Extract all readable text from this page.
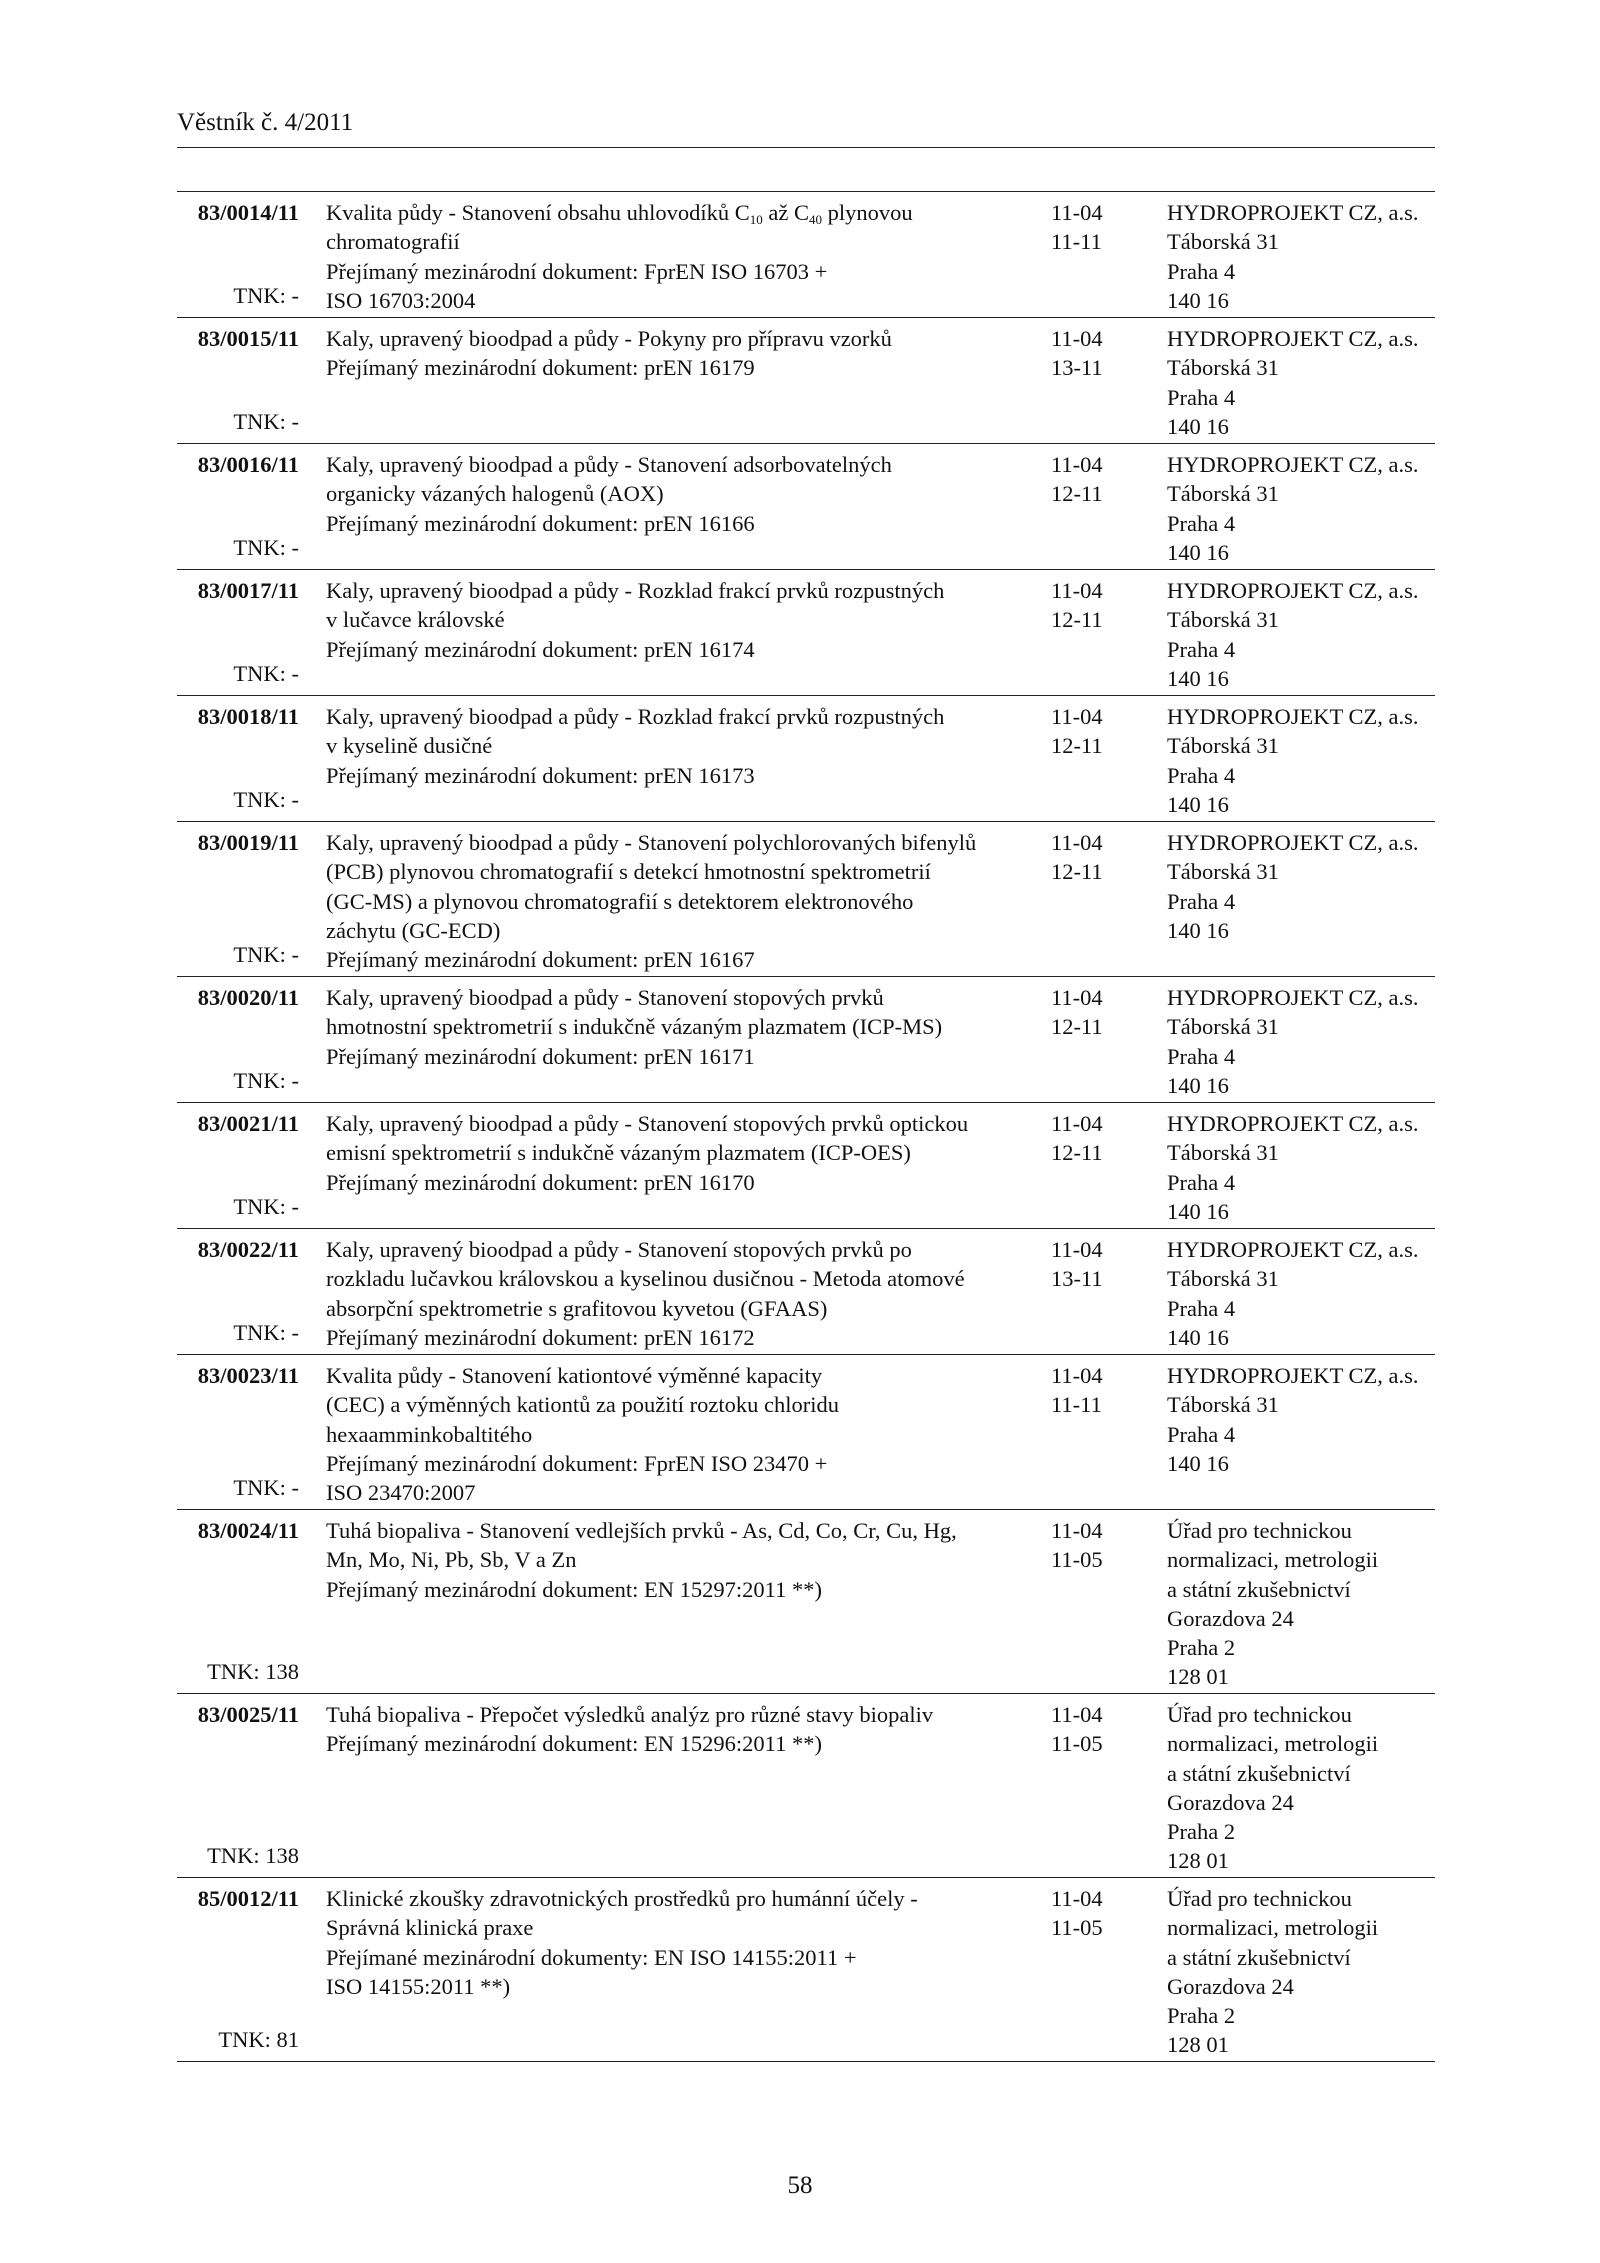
Věstník č. 4/2011
83/0014/11
TNK: -
Kvalita půdy - Stanovení obsahu uhlovodíků $C_{10}$ až $C_{40}$ plynovou
chromatografií
Přejímaný mezinárodní dokument: FprEN ISO 16703 +
ISO 16703:2004
11-04
11-11
HYDROPROJEKT CZ, a.s.
Táborská 31
Praha 4
140 16
83/0015/11
TNK: -
Kaly, upravený bioodpad a půdy - Pokyny pro přípravu vzorků
Přejímaný mezinárodní dokument: prEN 16179
11-04
13-11
HYDROPROJEKT CZ, a.s.
Táborská 31
Praha 4
140 16
83/0016/11
TNK: -
Kaly, upravený bioodpad a půdy - Stanovení adsorbovatelných
organicky vázaných halogenů (AOX)
Přejímaný mezinárodní dokument: prEN 16166
11-04
12-11
HYDROPROJEKT CZ, a.s.
Táborská 31
Praha 4
140 16
83/0017/11
TNK: -
Kaly, upravený bioodpad a půdy - Rozklad frakcí prvků rozpustných
v lučavce královské
Přejímaný mezinárodní dokument: prEN 16174
11-04
12-11
HYDROPROJEKT CZ, a.s.
Táborská 31
Praha 4
140 16
83/0018/11
TNK: -
Kaly, upravený bioodpad a půdy - Rozklad frakcí prvků rozpustných
v kyselině dusičné
Přejímaný mezinárodní dokument: prEN 16173
11-04
12-11
HYDROPROJEKT CZ, a.s.
Táborská 31
Praha 4
140 16
83/0019/11
TNK: -
Kaly, upravený bioodpad a půdy - Stanovení polychlorovaných bifenylů
(PCB) plynovou chromatografií s detekcí hmotnostní spektrometrií
(GC-MS) a plynovou chromatografií s detektorem elektronového
záchytu (GC-ECD)
Přejímaný mezinárodní dokument: prEN 16167
11-04
12-11
HYDROPROJEKT CZ, a.s.
Táborská 31
Praha 4
140 16
83/0020/11
TNK: -
Kaly, upravený bioodpad a půdy - Stanovení stopových prvků
hmotnostní spektrometrií s indukčně vázaným plazmatem (ICP-MS)
Přejímaný mezinárodní dokument: prEN 16171
11-04
12-11
HYDROPROJEKT CZ, a.s.
Táborská 31
Praha 4
140 16
83/0021/11
TNK: -
Kaly, upravený bioodpad a půdy - Stanovení stopových prvků optickou
emisní spektrometrií s indukčně vázaným plazmatem (ICP-OES)
Přejímaný mezinárodní dokument: prEN 16170
11-04
12-11
HYDROPROJEKT CZ, a.s.
Táborská 31
Praha 4
140 16
83/0022/11
TNK: -
Kaly, upravený bioodpad a půdy - Stanovení stopových prvků po
rozkladu lučavkou královskou a kyselinou dusičnou - Metoda atomové
absorpční spektrometrie s grafitovou kyvetou (GFAAS)
Přejímaný mezinárodní dokument: prEN 16172
11-04
13-11
HYDROPROJEKT CZ, a.s.
Táborská 31
Praha 4
140 16
83/0023/11
TNK: -
Kvalita půdy - Stanovení kationtové výměnné kapacity
(CEC) a výměnných kationtů za použití roztoku chloridu
hexaamminkobaltitého
Přejímaný mezinárodní dokument: FprEN ISO 23470 +
ISO 23470:2007
11-04
11-11
HYDROPROJEKT CZ, a.s.
Táborská 31
Praha 4
140 16
83/0024/11
TNK: 138
Tuhá biopaliva - Stanovení vedlejších prvků - As, Cd, Co, Cr, Cu, Hg,
Mn, Mo, Ni, Pb, Sb, V a Zn
Přejímaný mezinárodní dokument: EN 15297:2011 **)
11-04
11-05
Úřad pro technickou
normalizaci, metrologii
a státní zkušebnictví
Gorazdova 24
Praha 2
128 01
83/0025/11
TNK: 138
Tuhá biopaliva - Přepočet výsledků analýz pro různé stavy biopaliv
Přejímaný mezinárodní dokument: EN 15296:2011 **)
11-04
11-05
Úřad pro technickou
normalizaci, metrologii
a státní zkušebnictví
Gorazdova 24
Praha 2
128 01
85/0012/11
TNK: 81
Klinické zkoušky zdravotnických prostředků pro humánní účely -
Správná klinická praxe
Přejímané mezinárodní dokumenty: EN ISO 14155:2011 +
ISO 14155:2011 **)
11-04
11-05
Úřad pro technickou
normalizaci, metrologii
a státní zkušebnictví
Gorazdova 24
Praha 2
128 01
58
